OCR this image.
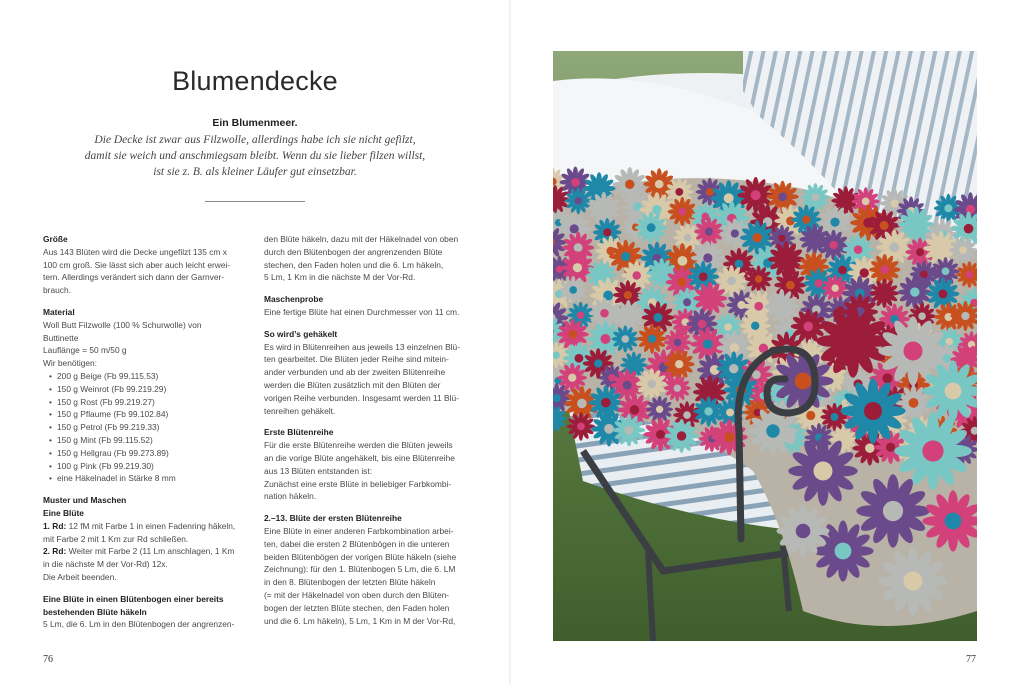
Blumendecke
Ein Blumenmeer.
Die Decke ist zwar aus Filzwolle, allerdings habe ich sie nicht gefilzt,
damit sie weich und anschmiegsam bleibt. Wenn du sie lieber filzen willst,
ist sie z. B. als kleiner Läufer gut einsetzbar.
Größe
Aus 143 Blüten wird die Decke ungefilzt 135 cm x
100 cm groß. Sie lässt sich aber auch leicht erwei-
tern. Allerdings verändert sich dann der Garnver-
brauch.
Material
Woll Butt Filzwolle (100 % Schurwolle) von
Buttinette
Lauflänge = 50 m/50 g
Wir benötigen:
• 200 g Beige (Fb 99.115.53)
• 150 g Weinrot (Fb 99.219.29)
• 150 g Rost (Fb 99.219.27)
• 150 g Pflaume (Fb 99.102.84)
• 150 g Petrol (Fb 99.219.33)
• 150 g Mint (Fb 99.115.52)
• 150 g Hellgrau (Fb 99.273.89)
• 100 g Pink (Fb 99.219.30)
• eine Häkelnadel in Stärke 8 mm
Muster und Maschen
Eine Blüte
1. Rd: 12 fM mit Farbe 1 in einen Fadenring häkeln,
mit Farbe 2 mit 1 Km zur Rd schließen.
2. Rd: Weiter mit Farbe 2 (11 Lm anschlagen, 1 Km
in die nächste M der Vor-Rd) 12x.
Die Arbeit beenden.
Eine Blüte in einen Blütenbogen einer bereits
bestehenden Blüte häkeln
5 Lm, die 6. Lm in den Blütenbogen der angrenzen-
den Blüte häkeln, dazu mit der Häkelnadel von oben
durch den Blütenbogen der angrenzenden Blüte
stechen, den Faden holen und die 6. Lm häkeln,
5 Lm, 1 Km in die nächste M der Vor-Rd.
Maschenprobe
Eine fertige Blüte hat einen Durchmesser von 11 cm.
So wird’s gehäkelt
Es wird in Blütenreihen aus jeweils 13 einzelnen Blü-
ten gearbeitet. Die Blüten jeder Reihe sind mitein-
ander verbunden und ab der zweiten Blütenreihe
werden die Blüten zusätzlich mit den Blüten der
vorigen Reihe verbunden. Insgesamt werden 11 Blü-
tenreihen gehäkelt.
Erste Blütenreihe
Für die erste Blütenreihe werden die Blüten jeweils
an die vorige Blüte angehäkelt, bis eine Blütenreihe
aus 13 Blüten entstanden ist:
Zunächst eine erste Blüte in beliebiger Farbkombi-
nation häkeln.
2.–13. Blüte der ersten Blütenreihe
Eine Blüte in einer anderen Farbkombination arbei-
ten, dabei die ersten 2 Blütenbögen in die unteren
beiden Blütenbögen der vorigen Blüte häkeln (siehe
Zeichnung): für den 1. Blütenbogen 5 Lm, die 6. LM
in den 8. Blütenbogen der letzten Blüte häkeln
(= mit der Häkelnadel von oben durch den Blüten-
bogen der letzten Blüte stechen, den Faden holen
und die 6. Lm häkeln), 5 Lm, 1 Km in M der Vor-Rd,
76	77
